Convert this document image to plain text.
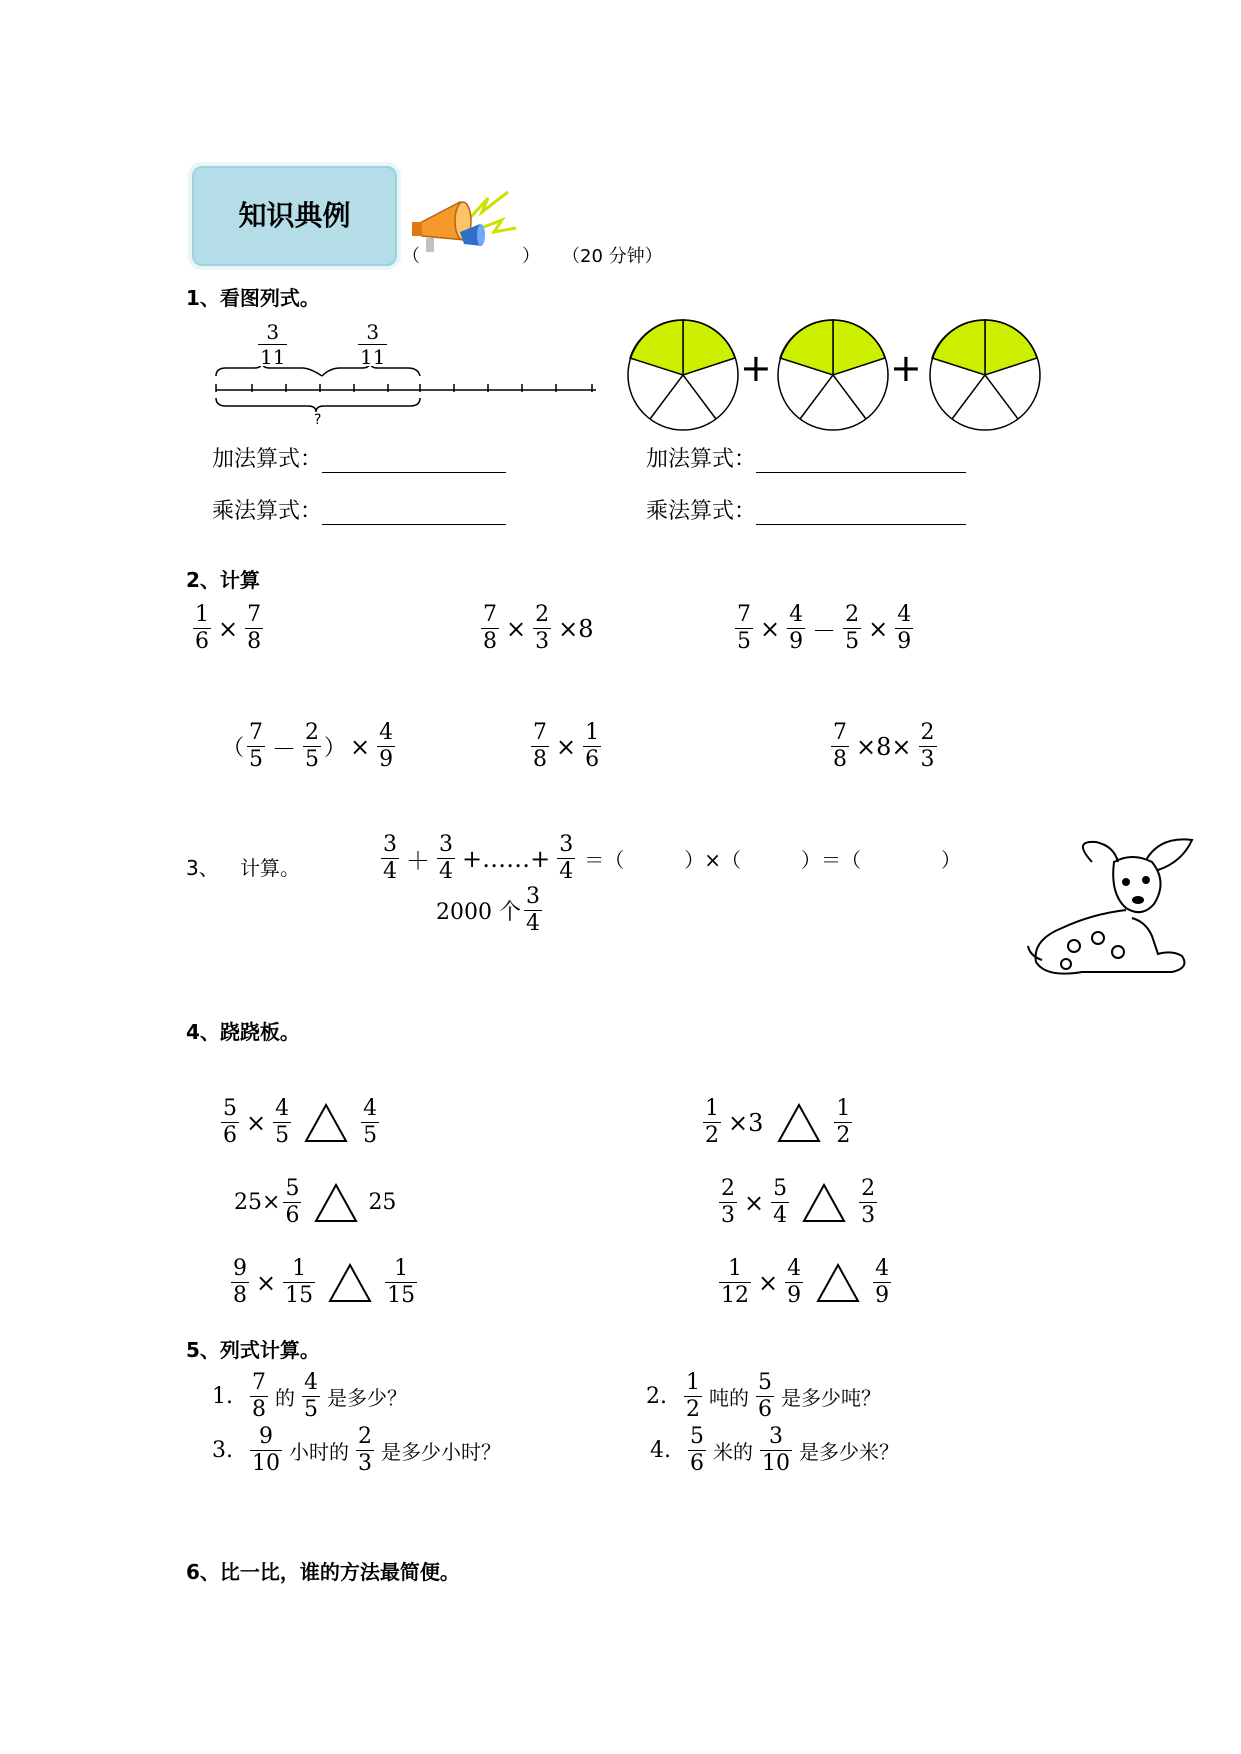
知识典例
（	） （20 分钟）
1、看图列式。
$\frac{3}{11}$	$\frac{3}{11}$
?
+	+
加法算式：
乘法算式：
加法算式：
乘法算式：
2、计算
$\frac{1}{6} \times \frac{7}{8}$	$\frac{7}{8} \times \frac{2}{3} \times 8$	$\frac{7}{5} \times \frac{4}{9} - \frac{2}{5} \times \frac{4}{9}$
（ $\frac{7}{5} - \frac{2}{5}$ ） × $\frac{4}{9}$	$\frac{7}{8} \times \frac{1}{6}$	$\frac{7}{8} \times 8\times \frac{2}{3}$
3、 计算。	$\frac{3}{4} + \frac{3}{4}$ +……+ $\frac{3}{4}$ ＝（　　　）×（　　　）＝（　　　　）
2000 个 $\frac{3}{4}$
4、跷跷板。
$\frac{5}{6} \times \frac{4}{5}$	$\frac{4}{5}$	$\frac{1}{2} \times 3$	$\frac{1}{2}$
$25\times \frac{5}{6}$	25	$\frac{2}{3} \times \frac{5}{4}$	$\frac{2}{3}$
$\frac{9}{8} \times \frac{1}{15}$	$\frac{1}{15}$	$\frac{1}{12} \times \frac{4}{9}$	$\frac{4}{9}$
5、列式计算。
1. $\frac{7}{8}$ 的 $\frac{4}{5}$ 是多少？	2. $\frac{1}{2}$ 吨的 $\frac{5}{6}$ 是多少吨？
3. $\frac{9}{10}$ 小时的 $\frac{2}{3}$ 是多少小时？	4. $\frac{5}{6}$ 米的 $\frac{3}{10}$ 是多少米？
6、比一比，谁的方法最简便。
